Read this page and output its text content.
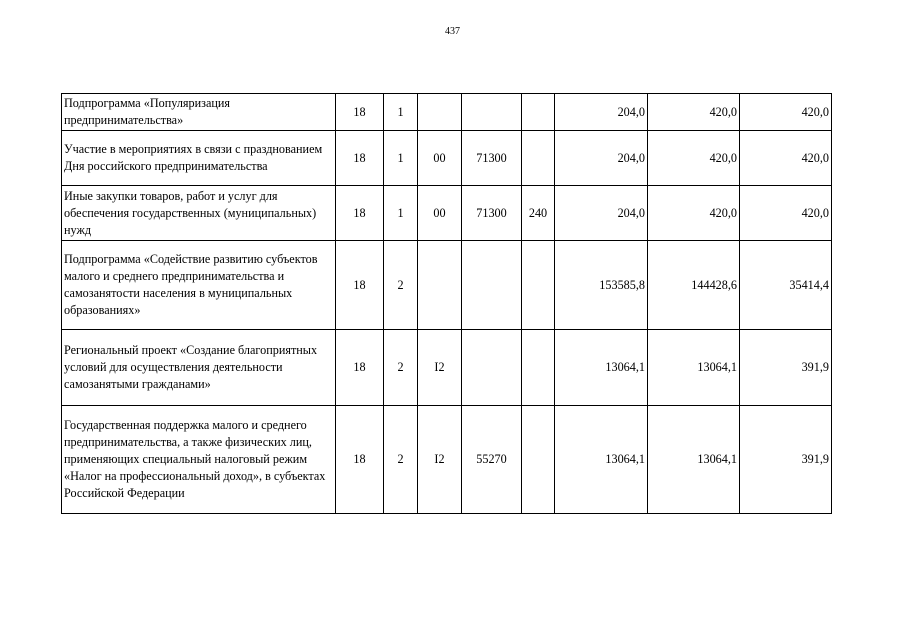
437
Подпрограмма «Популяризация предпринимательства»	18	1				204,0	420,0	420,0
Участие в мероприятиях в связи с празднованием Дня российского предпринимательства	18	1	00	71300		204,0	420,0	420,0
Иные закупки товаров, работ и услуг для обеспечения государственных (муниципальных) нужд	18	1	00	71300	240	204,0	420,0	420,0
Подпрограмма «Содействие развитию субъектов малого и среднего предпринимательства и самозанятости населения в муниципальных образованиях»	18	2				153585,8	144428,6	35414,4
Региональный проект «Создание благоприятных условий для осуществления деятельности самозанятыми гражданами»	18	2	I2			13064,1	13064,1	391,9
Государственная поддержка малого и среднего предпринимательства, а также физических лиц, применяющих специальный налоговый режим «Налог на профессиональный доход», в субъектах Российской Федерации	18	2	I2	55270		13064,1	13064,1	391,9
